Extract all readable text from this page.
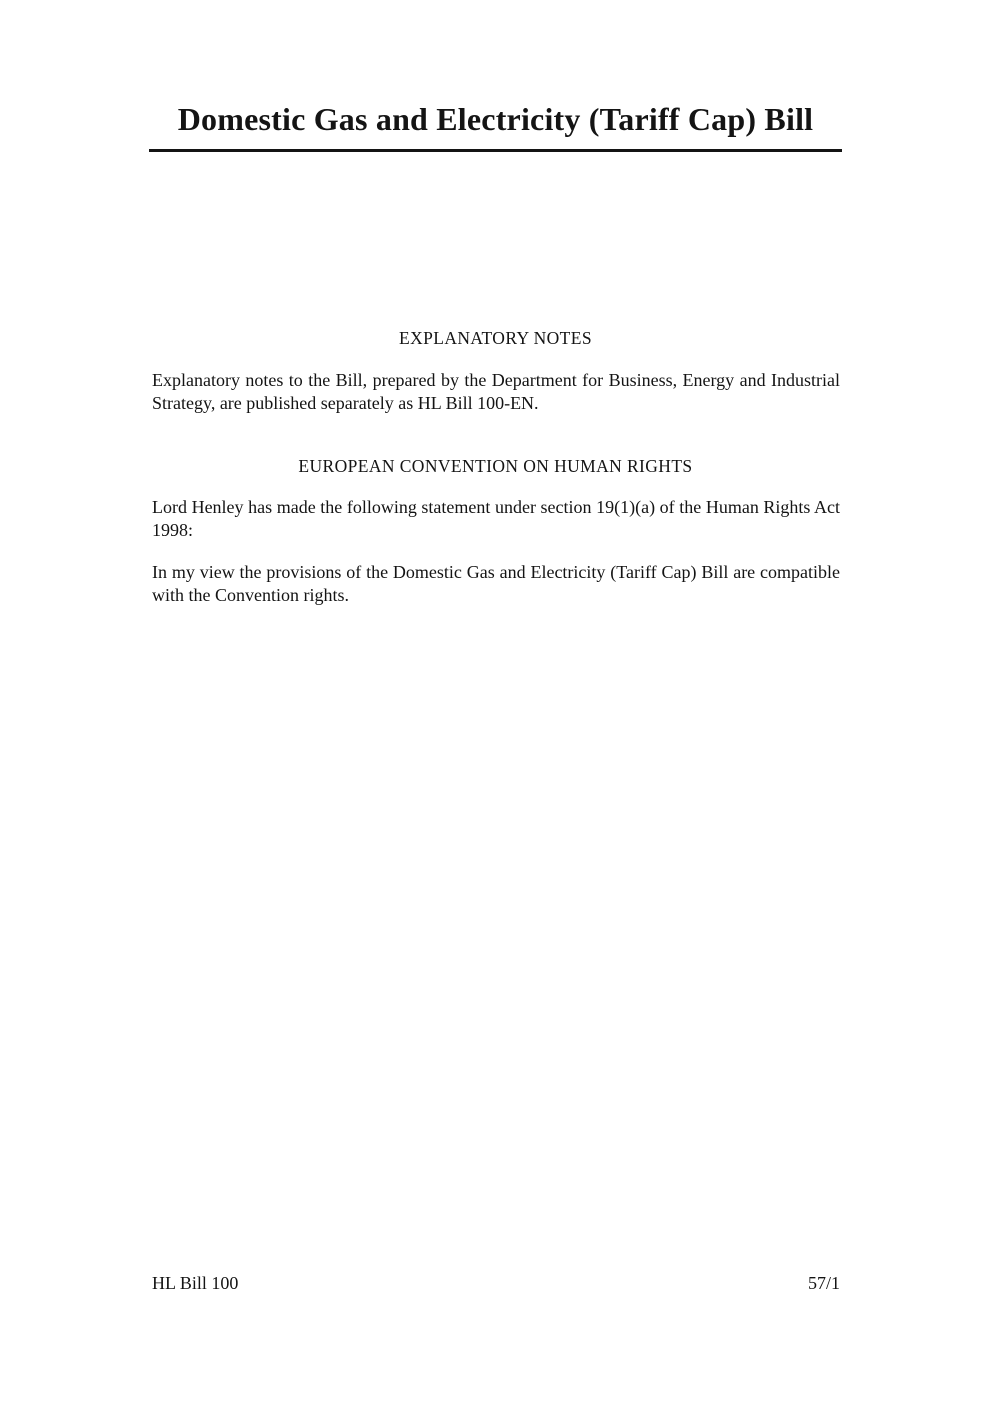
Domestic Gas and Electricity (Tariff Cap) Bill
EXPLANATORY NOTES

Explanatory notes to the Bill, prepared by the Department for Business, Energy and Industrial Strategy, are published separately as HL Bill 100-EN.

EUROPEAN CONVENTION ON HUMAN RIGHTS

Lord Henley has made the following statement under section 19(1)(a) of the Human Rights Act 1998:

In my view the provisions of the Domestic Gas and Electricity (Tariff Cap) Bill are compatible with the Convention rights.

HL Bill 100	57/1
